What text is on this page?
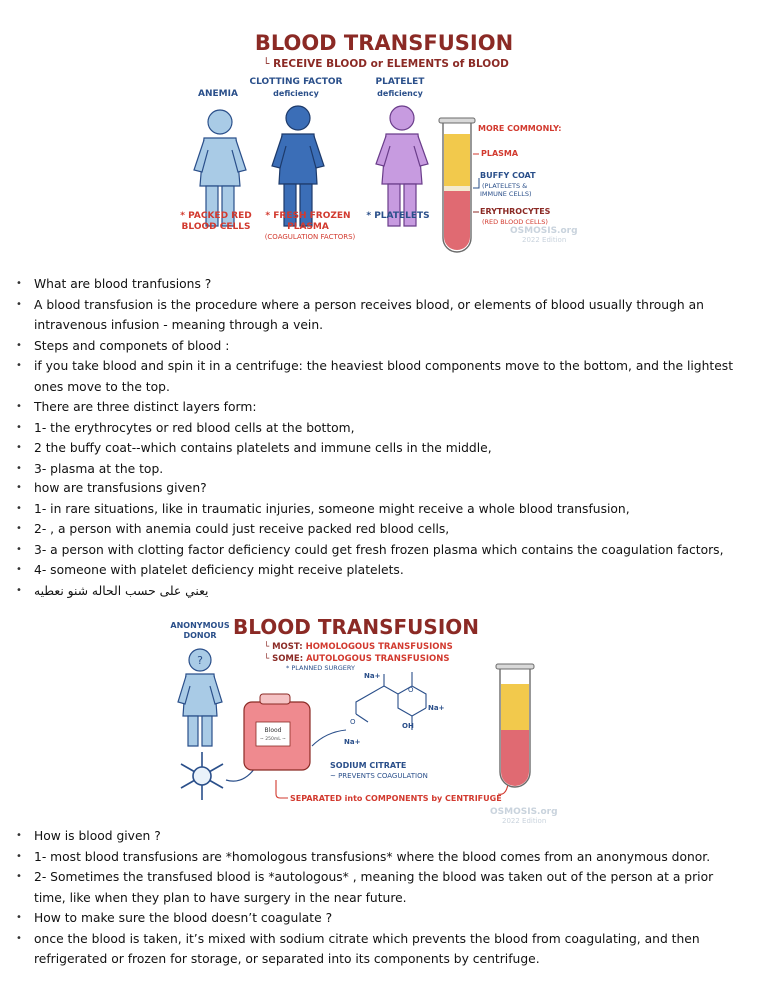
BLOOD TRANSFUSION
└ RECEIVE BLOOD or ELEMENTS of BLOOD
ANEMIA
CLOTTING FACTOR
deficiency
PLATELET
deficiency
* PACKED RED
BLOOD CELLS
* FRESH FROZEN
PLASMA
(COAGULATION FACTORS)
* PLATELETS
MORE COMMONLY:
PLASMA
BUFFY COAT
(PLATELETS &
IMMUNE CELLS)
ERYTHROCYTES
(RED BLOOD CELLS)
OSMOSIS.org
2022 Edition
• What are blood tranfusions ?
• A blood transfusion is the procedure where a person receives blood, or elements of blood usually through an intravenous infusion - meaning through a vein.
• Steps and componets of blood :
• if you take blood and spin it in a centrifuge: the heaviest blood components move to the bottom, and the lightest ones move to the top.
• There are three distinct layers form:
• 1- the erythrocytes or red blood cells at the bottom,
• 2 the buffy coat--which contains platelets and immune cells in the middle,
• 3- plasma at the top.
• how are transfusions given?
• 1- in rare situations, like in traumatic injuries, someone might receive a whole blood transfusion,
• 2- , a person with anemia could just receive packed red blood cells,
• 3- a person with clotting factor deficiency could get fresh frozen plasma which contains the coagulation factors,
• 4- someone with platelet deficiency might receive platelets.
• يعني على حسب الحاله شنو نعطيه
ANONYMOUS
DONOR BLOOD TRANSFUSION
└ MOST: HOMOLOGOUS TRANSFUSIONS
└ SOME: AUTOLOGOUS TRANSFUSIONS
* PLANNED SURGERY
?
Blood
~ 250mL ~
Na+
Na+
Na+
OH
O
O
SODIUM CITRATE
~ PREVENTS COAGULATION
SEPARATED into COMPONENTS by CENTRIFUGE
OSMOSIS.org
2022 Edition
• How is blood given ?
• 1- most blood transfusions are *homologous transfusions* where the blood comes from an anonymous donor.
• 2- Sometimes the transfused blood is *autologous* , meaning the blood was taken out of the person at a prior time, like when they plan to have surgery in the near future.
• How to make sure the blood doesn’t coagulate ?
• once the blood is taken, it’s mixed with sodium citrate which prevents the blood from coagulating, and then refrigerated or frozen for storage, or separated into its components by centrifuge.
